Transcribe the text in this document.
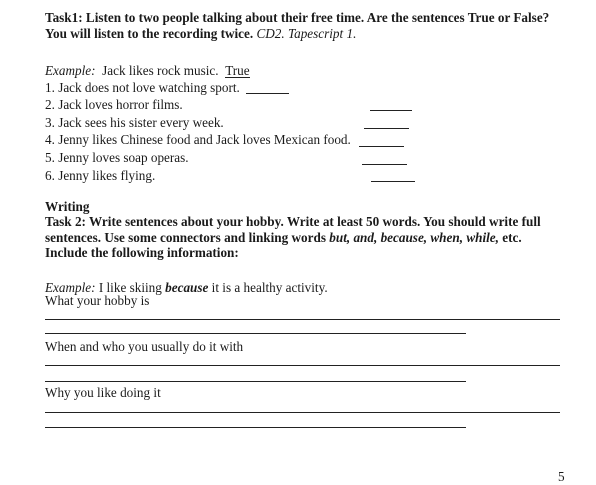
Task1: Listen to two people talking about their free time. Are the sentences True or False?
You will listen to the recording twice. CD2. Tapescript 1.
Example:  Jack likes rock music.  True
1. Jack does not love watching sport.
2. Jack loves horror films.
3. Jack sees his sister every week.
4. Jenny likes Chinese food and Jack loves Mexican food.
5. Jenny loves soap operas.
6. Jenny likes flying.
Writing
Task 2: Write sentences about your hobby. Write at least 50 words. You should write full
sentences. Use some connectors and linking words but, and, because, when, while, etc.
Include the following information:
Example: I like skiing because it is a healthy activity.
What your hobby is
When and who you usually do it with
Why you like doing it
5
